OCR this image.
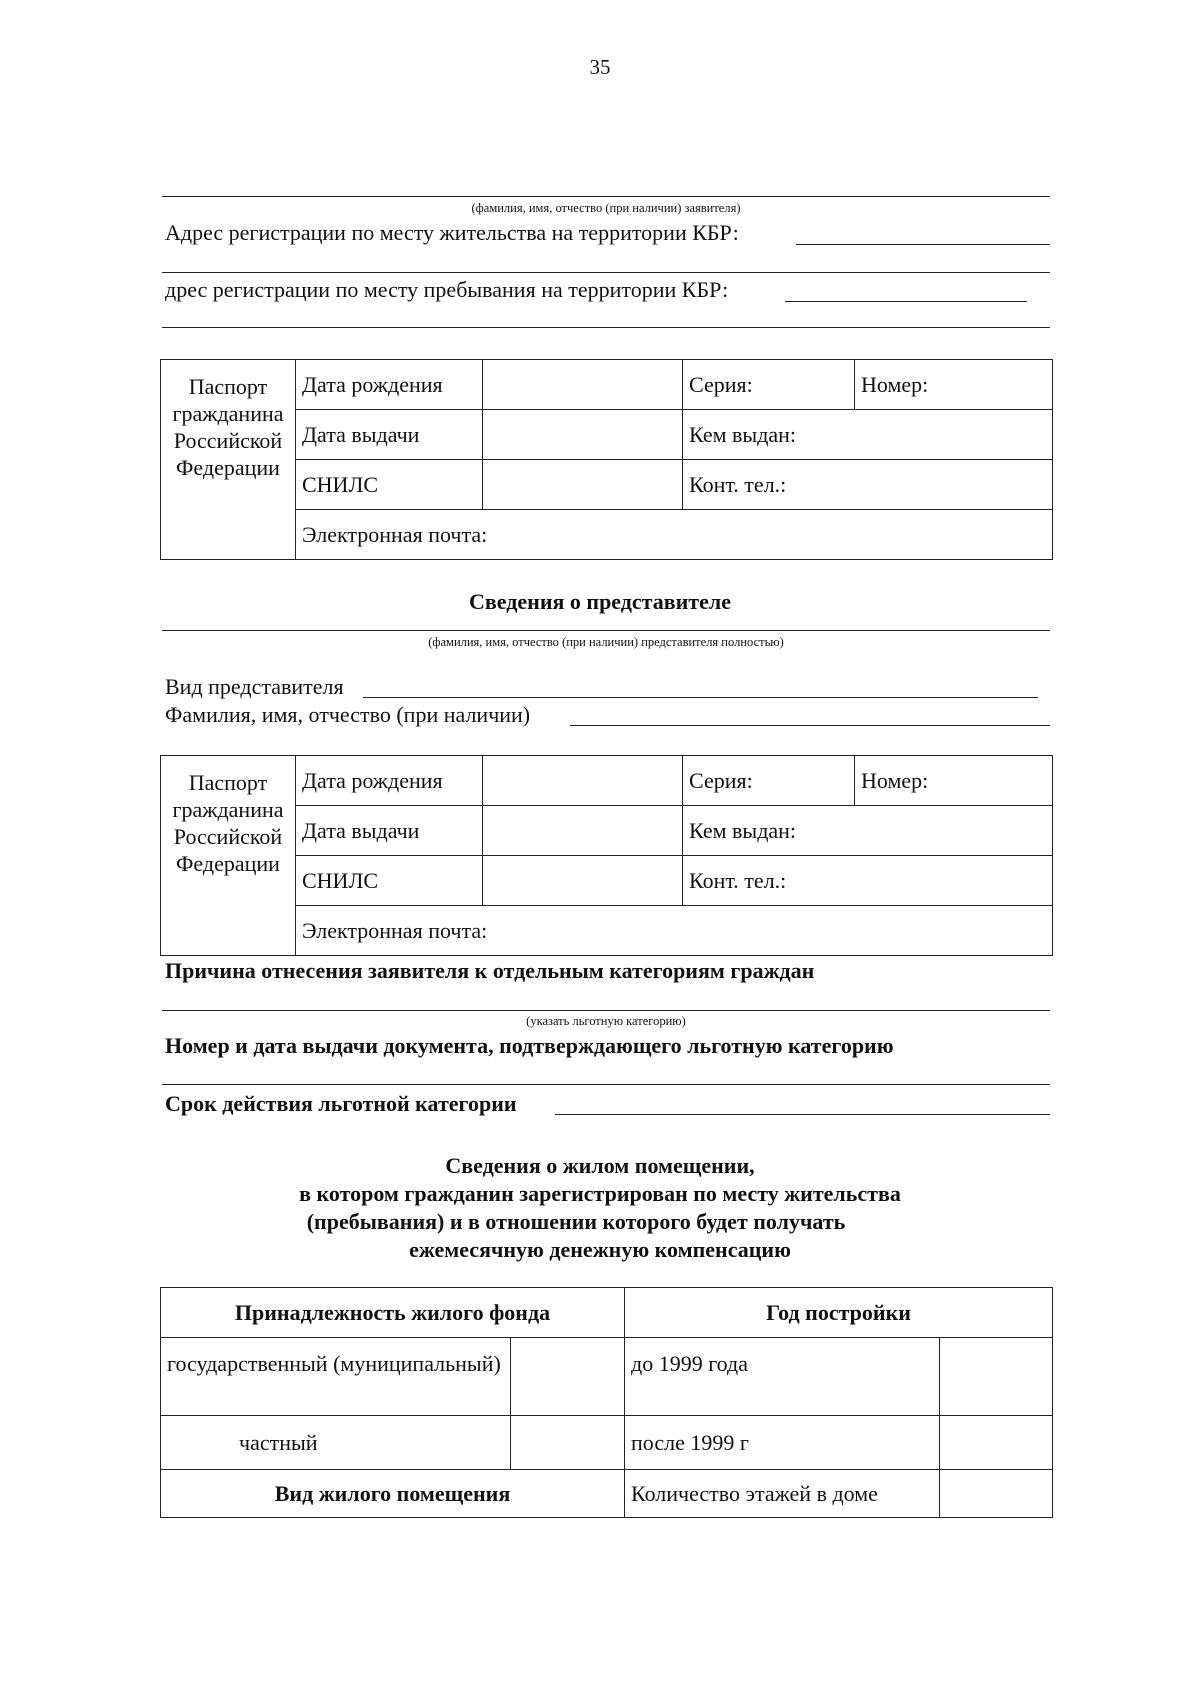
35
(фамилия, имя, отчество (при наличии) заявителя)
Адрес регистрации по месту жительства на территории КБР:
дрес регистрации по месту пребывания на территории КБР:
Паспорт гражданина Российской Федерации	Дата рождения		Серия:	Номер:
	Дата выдачи		Кем выдан:	
	СНИЛС		Конт. тел.:	
	Электронная почта:			
Сведения о представителе
(фамилия, имя, отчество (при наличии) представителя полностью)
Вид представителя
Фамилия, имя, отчество (при наличии)
Паспорт гражданина Российской Федерации	Дата рождения		Серия:	Номер:
	Дата выдачи		Кем выдан:	
	СНИЛС		Конт. тел.:	
	Электронная почта:			
Причина отнесения заявителя к отдельным категориям граждан
(указать льготную категорию)
Номер и дата выдачи документа, подтверждающего льготную категорию
Срок действия льготной категории
Сведения о жилом помещении,
в котором гражданин зарегистрирован по месту жительства
(пребывания) и в отношении которого будет получать
ежемесячную денежную компенсацию
Принадлежность жилого фонда		Год постройки	
государственный (муниципальный)		до 1999 года	
частный		после 1999 г	
Вид жилого помещения		Количество этажей в доме	
